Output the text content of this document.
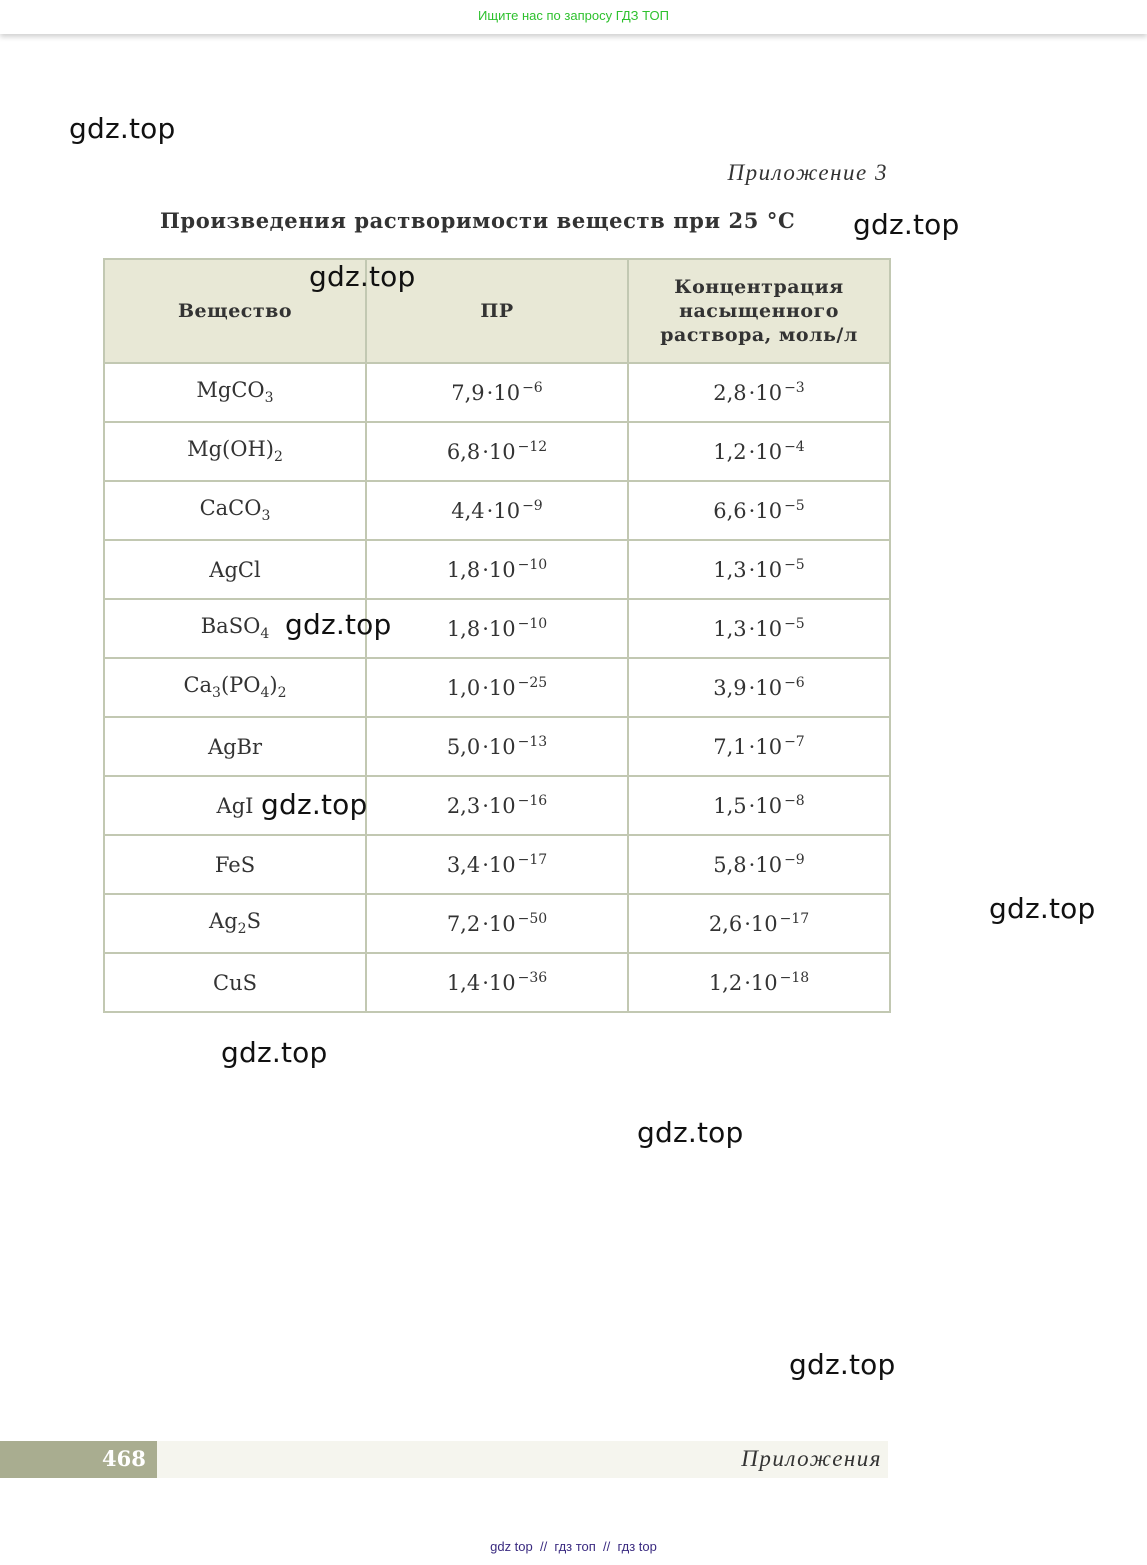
Ищите нас по запросу ГДЗ ТОП
gdz.top
gdz.top
gdz.top
gdz.top
gdz.top
gdz.top
gdz.top
gdz.top
gdz.top
Приложение 3
Произведения растворимости веществ при 25 °С
Вещество	ПР	Концентрация насыщенного раствора, моль/л
MgCO$_3$	7,9·10 $^{-6}$	2,8·10 $^{-3}$
$Mg(OH)_2$	6,8·10 $^{-12}$	1,2·10 $^{-4}$
CaCO$_3$	4,4·10 $^{-9}$	6,6·10 $^{-5}$
AgCl	1,8·10 $^{-10}$	1,3·10 $^{-5}$
BaSO$_4$	1,8·10 $^{-10}$	1,3·10 $^{-5}$
$Ca_3(PO_4)_2$	1,0·10 $^{-25}$	3,9·10 $^{-6}$
AgBr	5,0·10 $^{-13}$	7,1·10 $^{-7}$
AgI	2,3·10 $^{-16}$	1,5·10 $^{-8}$
FeS	3,4·10 $^{-17}$	5,8·10 $^{-9}$
$Ag_2S$	7,2·10 $^{-50}$	2,6·10 $^{-17}$
CuS	1,4·10 $^{-36}$	1,2·10 $^{-18}$
468	Приложения
gdz top  //  гдз топ  //  гдз top
